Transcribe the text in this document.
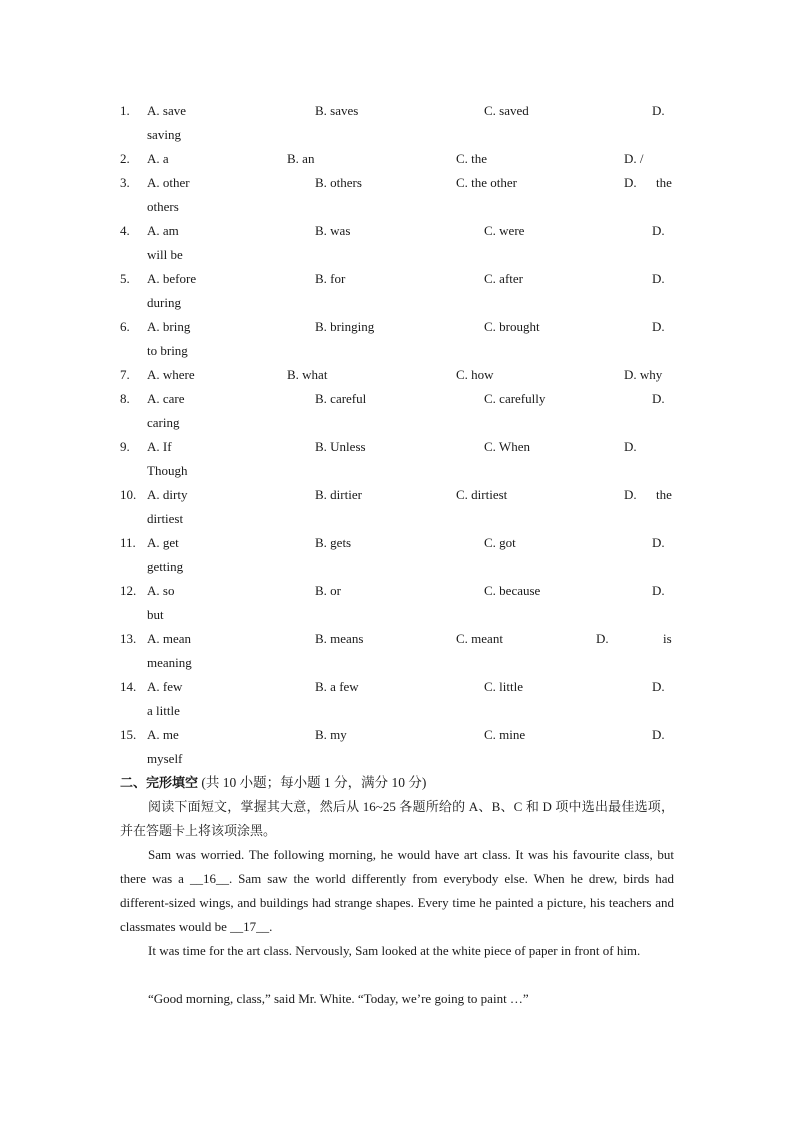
1. A. save	B. saves	C. saved	D.
saving
2. A. a	B. an	C. the	D. /
3. A. other	B. others	C. the other	D. the
others
4. A. am	B. was	C. were	D.
will be
5. A. before	B. for	C. after	D.
during
6. A. bring	B. bringing	C. brought	D.
to bring
7. A. where	B. what	C. how	D. why
8. A. care	B. careful	C. carefully	D.
caring
9. A. If	B. Unless	C. When	D.
Though
10. A. dirty	B. dirtier	C. dirtiest	D. the
dirtiest
11. A. get	B. gets	C. got	D.
getting
12. A. so	B. or	C. because	D.
but
13. A. mean	B. means	C. meant	D.	is
meaning
14. A. few	B. a few	C. little	D.
a little
15. A. me	B. my	C. mine	D.
myself
二、完形填空 (共 10 小题；每小题 1 分，满分 10 分)
阅读下面短文，掌握其大意，然后从 16~25 各题所给的 A、B、C 和 D 项中选出最佳选项，并在答题卡上将该项涂黑。
Sam was worried. The following morning, he would have art class. It was his favourite class, but there was a __16__. Sam saw the world differently from everybody else. When he drew, birds had different-sized wings, and buildings had strange shapes. Every time he painted a picture, his teachers and classmates would be __17__.
It was time for the art class. Nervously, Sam looked at the white piece of paper in front of him.
“Good morning, class,” said Mr. White. “Today, we’re going to paint …”
